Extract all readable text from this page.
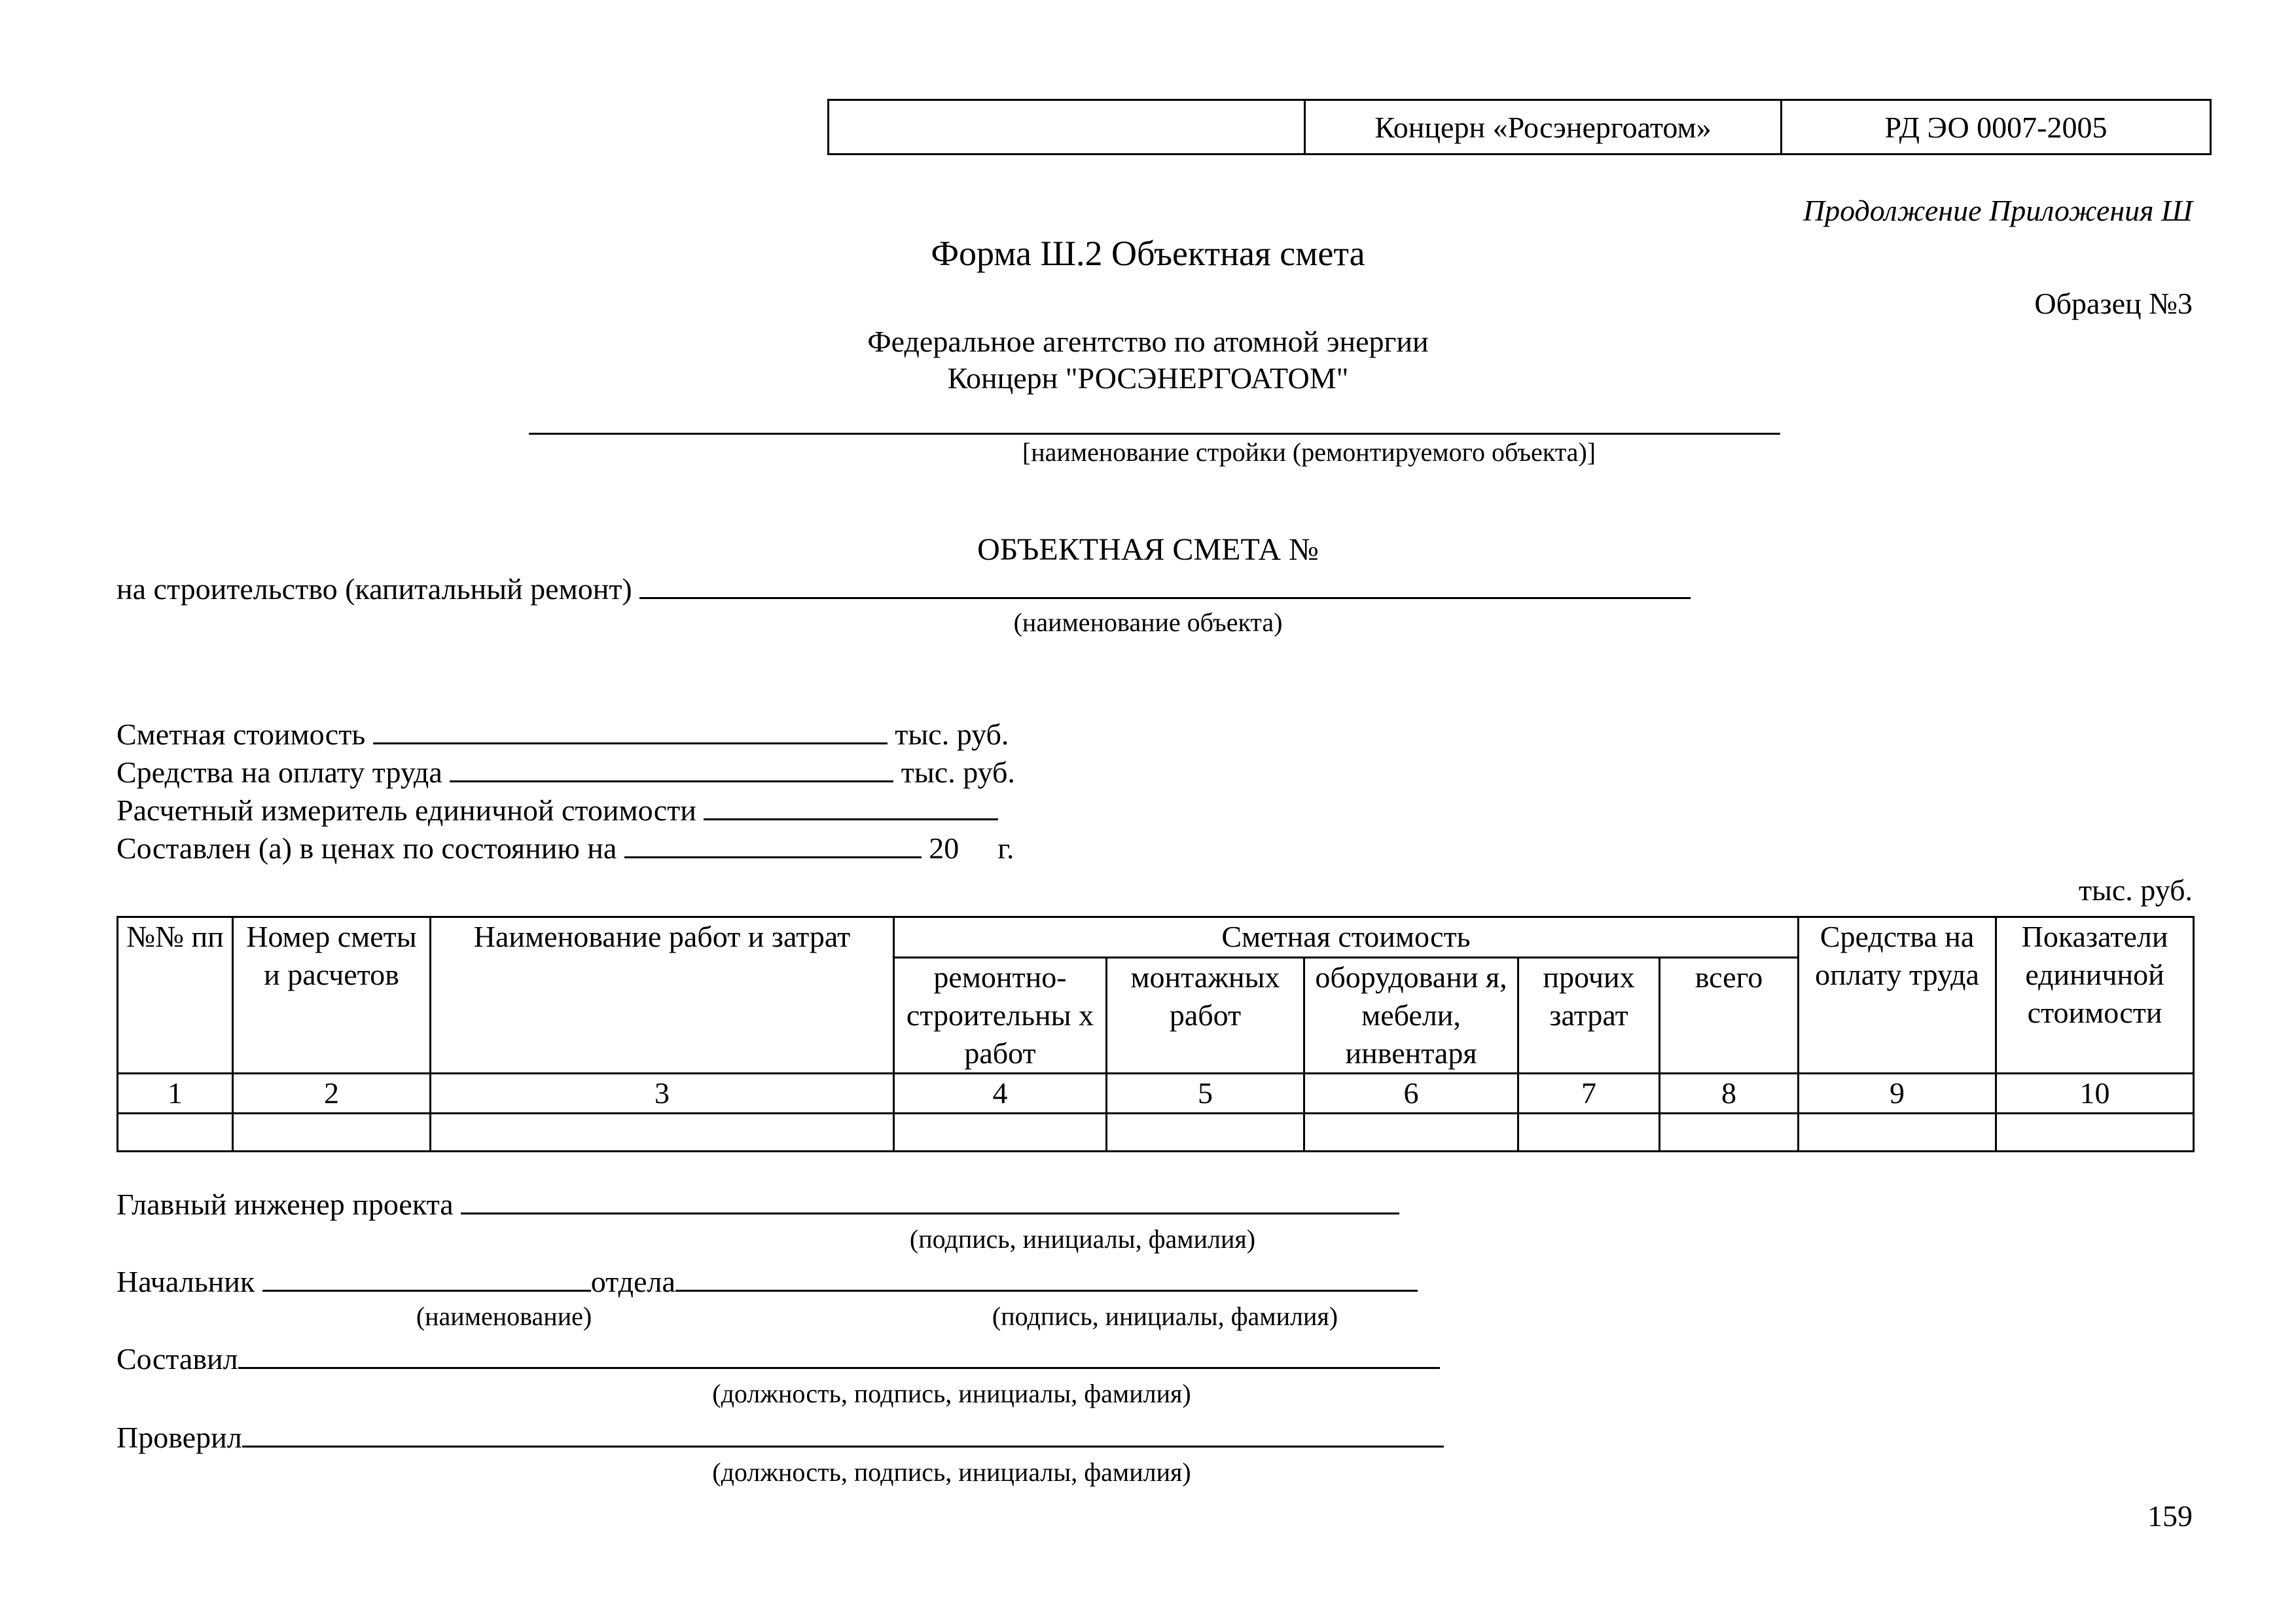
	Концерн «Росэнергоатом»	РД ЭО 0007-2005
Продолжение Приложения Ш
Форма Ш.2 Объектная смета
Образец №3
Федеральное агентство по атомной энергии
Концерн "РОСЭНЕРГОАТОМ"
[наименование стройки (ремонтируемого объекта)]
ОБЪЕКТНАЯ СМЕТА №
на строительство (капитальный ремонт)
(наименование объекта)
Сметная стоимость	тыс. руб.
Средства на оплату труда	тыс. руб.
Расчетный измеритель единичной стоимости
Составлен (а) в ценах по состоянию на	20 г.
тыс. руб.
№№ пп	Номер сметы и расчетов	Наименование работ и затрат	Сметная стоимость					Средства на оплату труда	Показатели единичной стоимости
			ремонтно-строительны х работ	монтажных работ	оборудовани я, мебели, инвентаря	прочих затрат	всего		
1	2	3	4	5	6	7	8	9	10

Главный инженер проекта
(подпись, инициалы, фамилия)
Начальник	отдела
(наименование)	(подпись, инициалы, фамилия)
Составил
(должность, подпись, инициалы, фамилия)
Проверил
(должность, подпись, инициалы, фамилия)
159
